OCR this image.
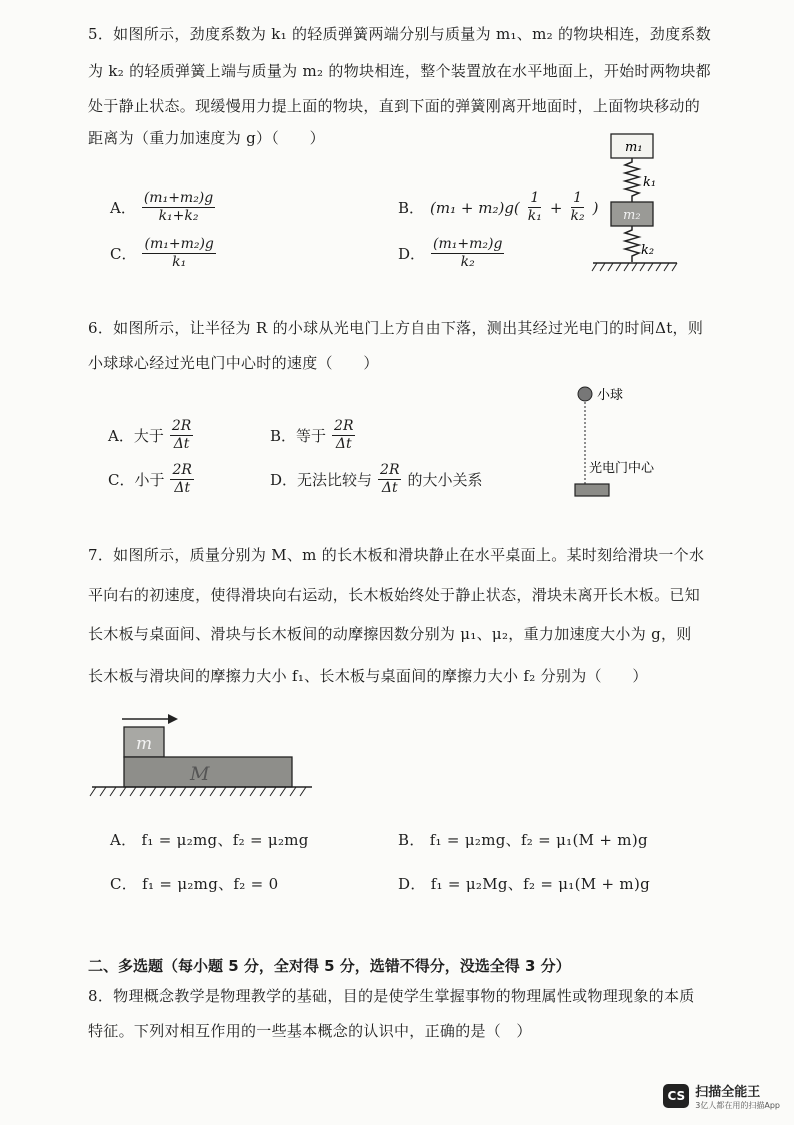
5．如图所示，劲度系数为 k₁ 的轻质弹簧两端分别与质量为 m₁、m₂ 的物块相连，劲度系数
为 k₂ 的轻质弹簧上端与质量为 m₂ 的物块相连，整个装置放在水平地面上，开始时两物块都
处于静止状态。现缓慢用力提上面的物块，直到下面的弹簧刚离开地面时，上面物块移动的
距离为（重力加速度为 g）（　　）
A． $\frac{\text{(m₁+m₂)g}}{\text{k₁+k₂}}$	B． $(m_1 + m_2)g( \frac{1}{\text{k₁}} + \frac{1}{\text{k₂}}$ )
C． $\frac{\text{(m₁+m₂)g}}{\text{k₁}}$	D． $\frac{\text{(m₁+m₂)g}}{\text{k₂}}$
m₁
k₁
m₂
k₂
6．如图所示，让半径为 R 的小球从光电门上方自由下落，测出其经过光电门的时间Δt，则
小球球心经过光电门中心时的速度（　　）
A．大于 $\frac{2R}{\Delta t}$	B．等于 $\frac{2R}{\Delta t}$
C．小于 $\frac{2R}{\Delta t}$	D．无法比较与 $\frac{2R}{\Delta t}$ 的大小关系
小球
光电门中心
7．如图所示，质量分别为 M、m 的长木板和滑块静止在水平桌面上。某时刻给滑块一个水
平向右的初速度，使得滑块向右运动，长木板始终处于静止状态，滑块未离开长木板。已知
长木板与桌面间、滑块与长木板间的动摩擦因数分别为 μ₁、μ₂，重力加速度大小为 g，则
长木板与滑块间的摩擦力大小 f₁、长木板与桌面间的摩擦力大小 f₂ 分别为（　　）
m
M
A． f₁ = μ₂mg、f₂ = μ₂mg	B． f₁ = μ₂mg、f₂ = μ₁(M + m)g
C． f₁ = μ₂mg、f₂ = 0	D． f₁ = μ₂Mg、f₂ = μ₁(M + m)g
二、多选题（每小题 5 分，全对得 5 分，选错不得分，没选全得 3 分）
8．物理概念教学是物理教学的基础，目的是使学生掌握事物的物理属性或物理现象的本质
特征。下列对相互作用的一些基本概念的认识中，正确的是（　）
CS 扫描全能王
3亿人都在用的扫描App
